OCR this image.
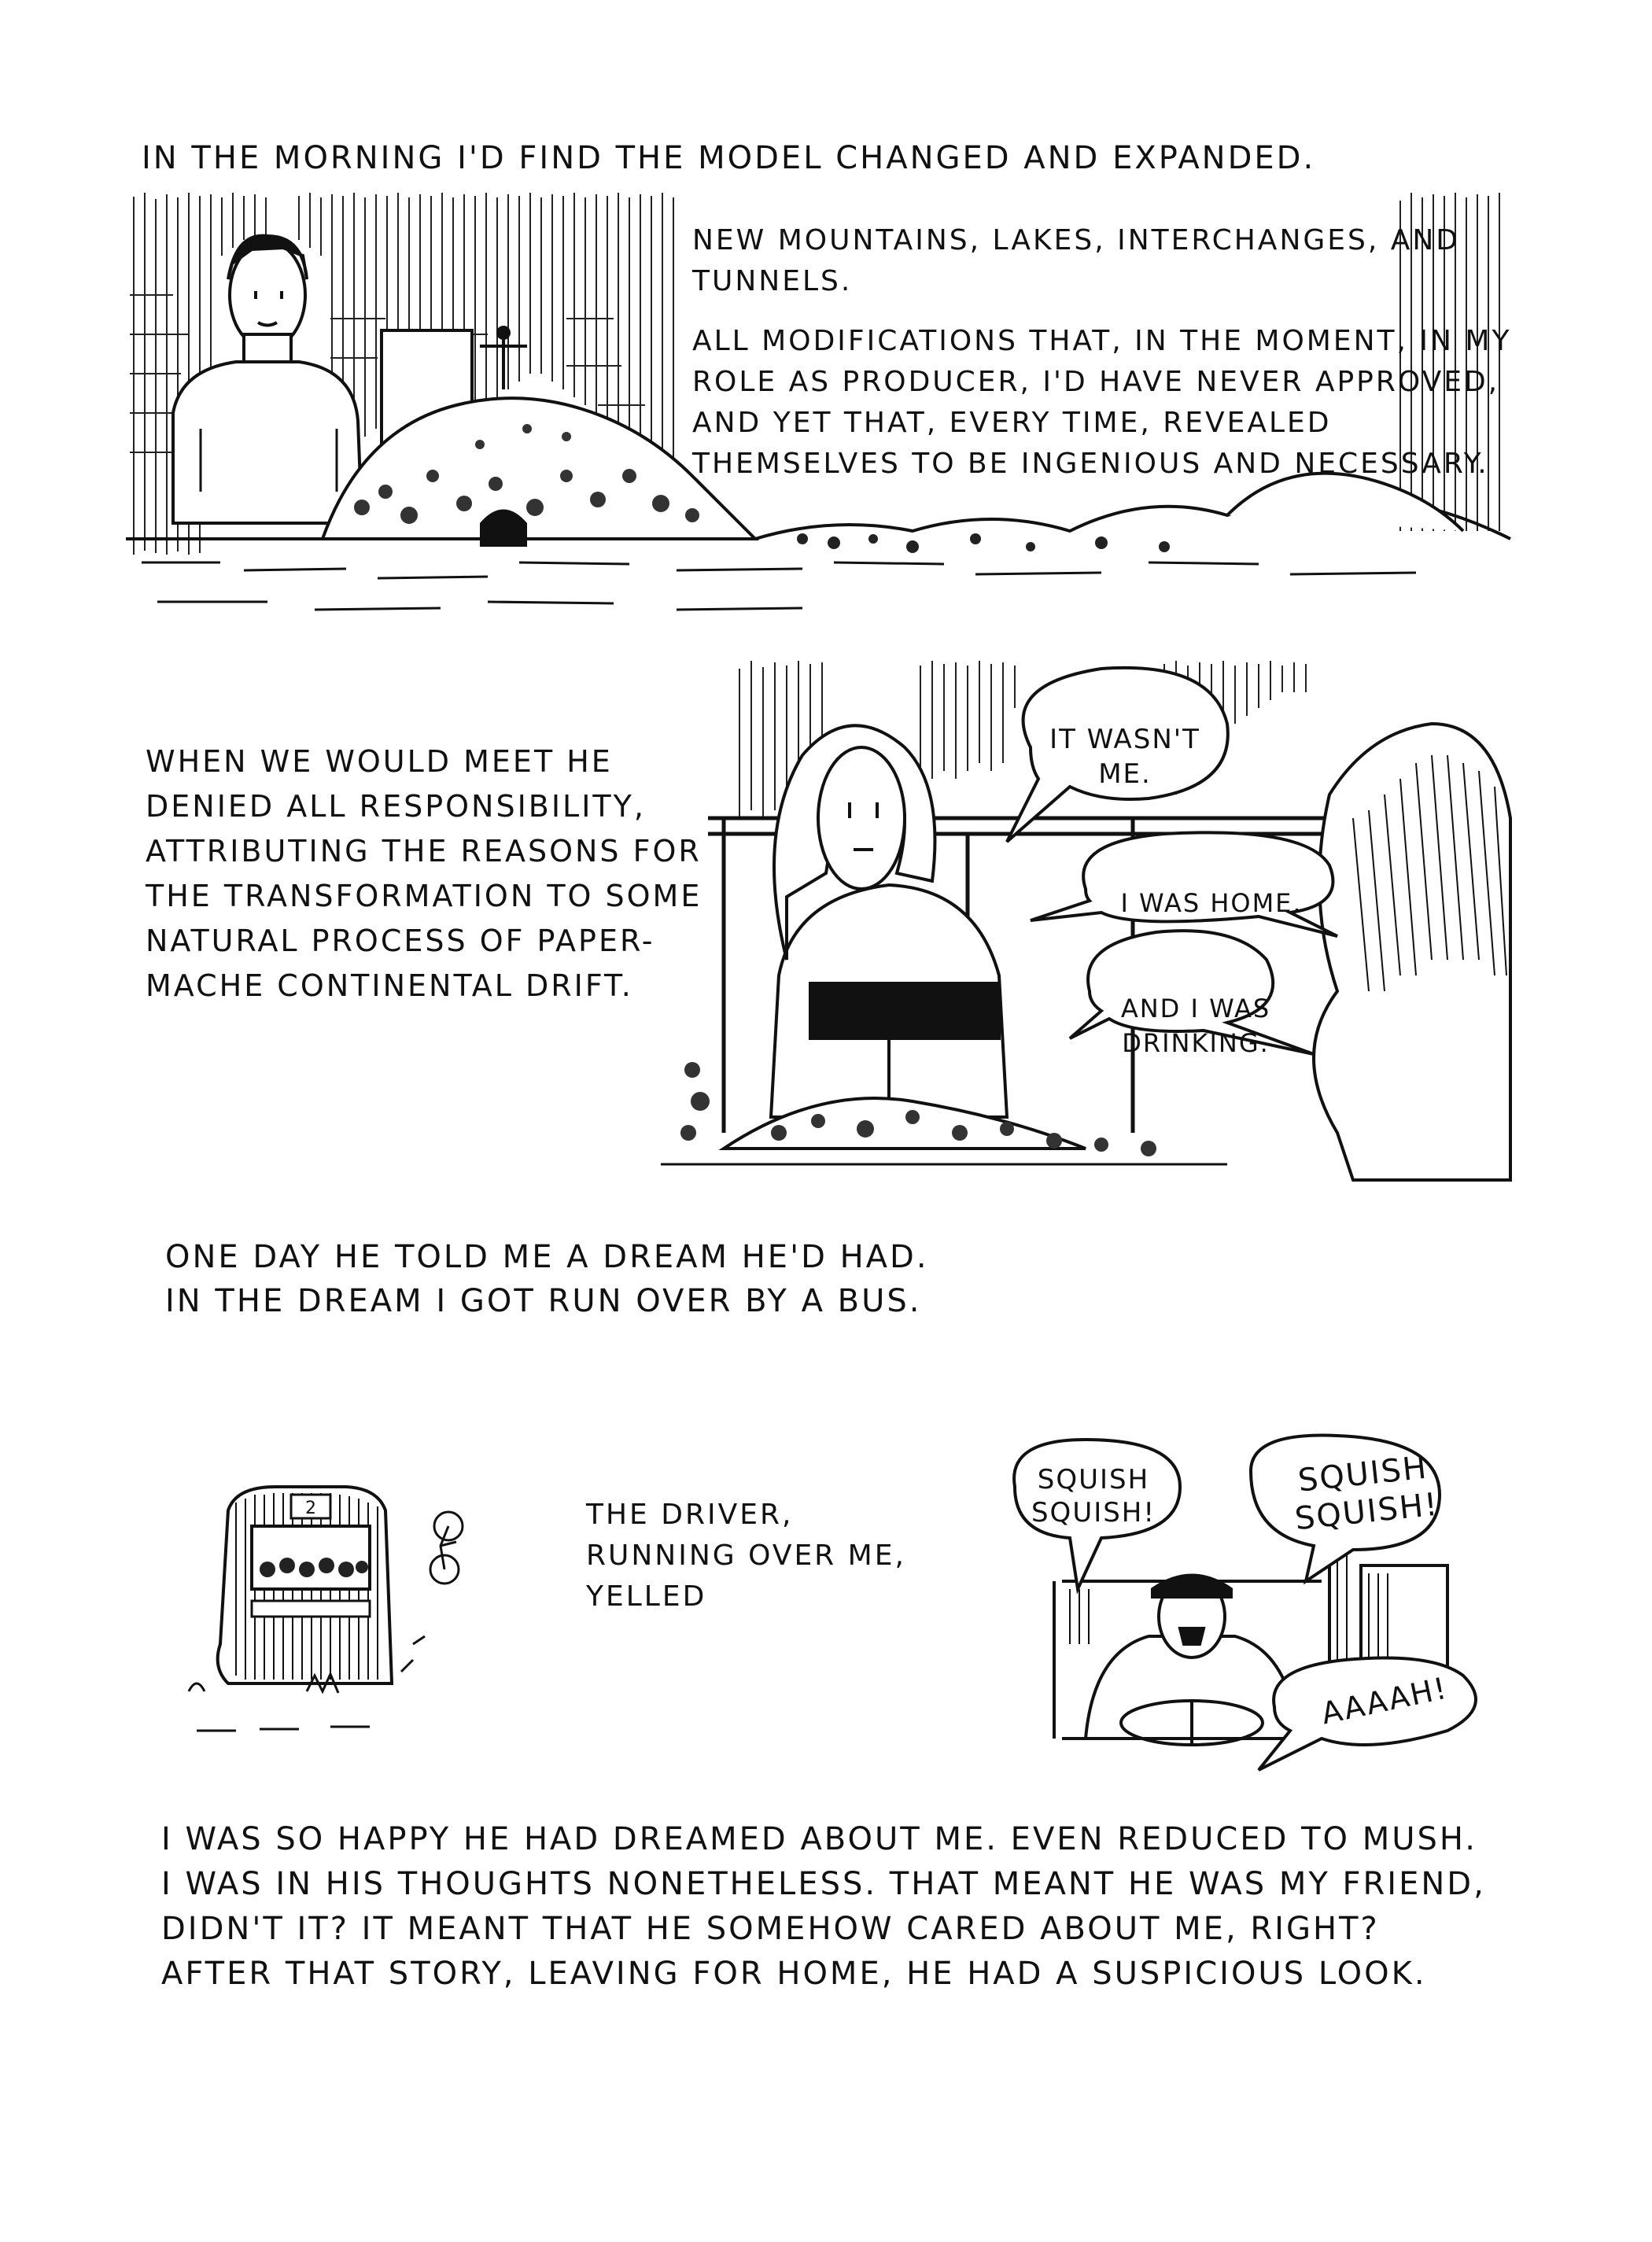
IN THE MORNING I'D FIND THE MODEL CHANGED AND EXPANDED.
NEW MOUNTAINS, LAKES, INTERCHANGES, AND
TUNNELS.
ALL MODIFICATIONS THAT, IN THE MOMENT, IN MY
ROLE AS PRODUCER, I'D HAVE NEVER APPROVED,
AND YET THAT, EVERY TIME, REVEALED
THEMSELVES TO BE INGENIOUS AND NECESSARY.
WHEN WE WOULD MEET HE
DENIED ALL RESPONSIBILITY,
ATTRIBUTING THE REASONS FOR
THE TRANSFORMATION TO SOME
NATURAL PROCESS OF PAPER-
MACHE CONTINENTAL DRIFT.
IT WASN'T
ME.
I WAS HOME.
AND I WAS
DRINKING.
ONE DAY HE TOLD ME A DREAM HE'D HAD.
IN THE DREAM I GOT RUN OVER BY A BUS.
2	THE DRIVER,
RUNNING OVER ME,
YELLED
SQUISH
SQUISH!
SQUISH
SQUISH!
AAAAH!
I WAS SO HAPPY HE HAD DREAMED ABOUT ME. EVEN REDUCED TO MUSH.
I WAS IN HIS THOUGHTS NONETHELESS. THAT MEANT HE WAS MY FRIEND,
DIDN'T IT? IT MEANT THAT HE SOMEHOW CARED ABOUT ME, RIGHT?
AFTER THAT STORY, LEAVING FOR HOME, HE HAD A SUSPICIOUS LOOK.
